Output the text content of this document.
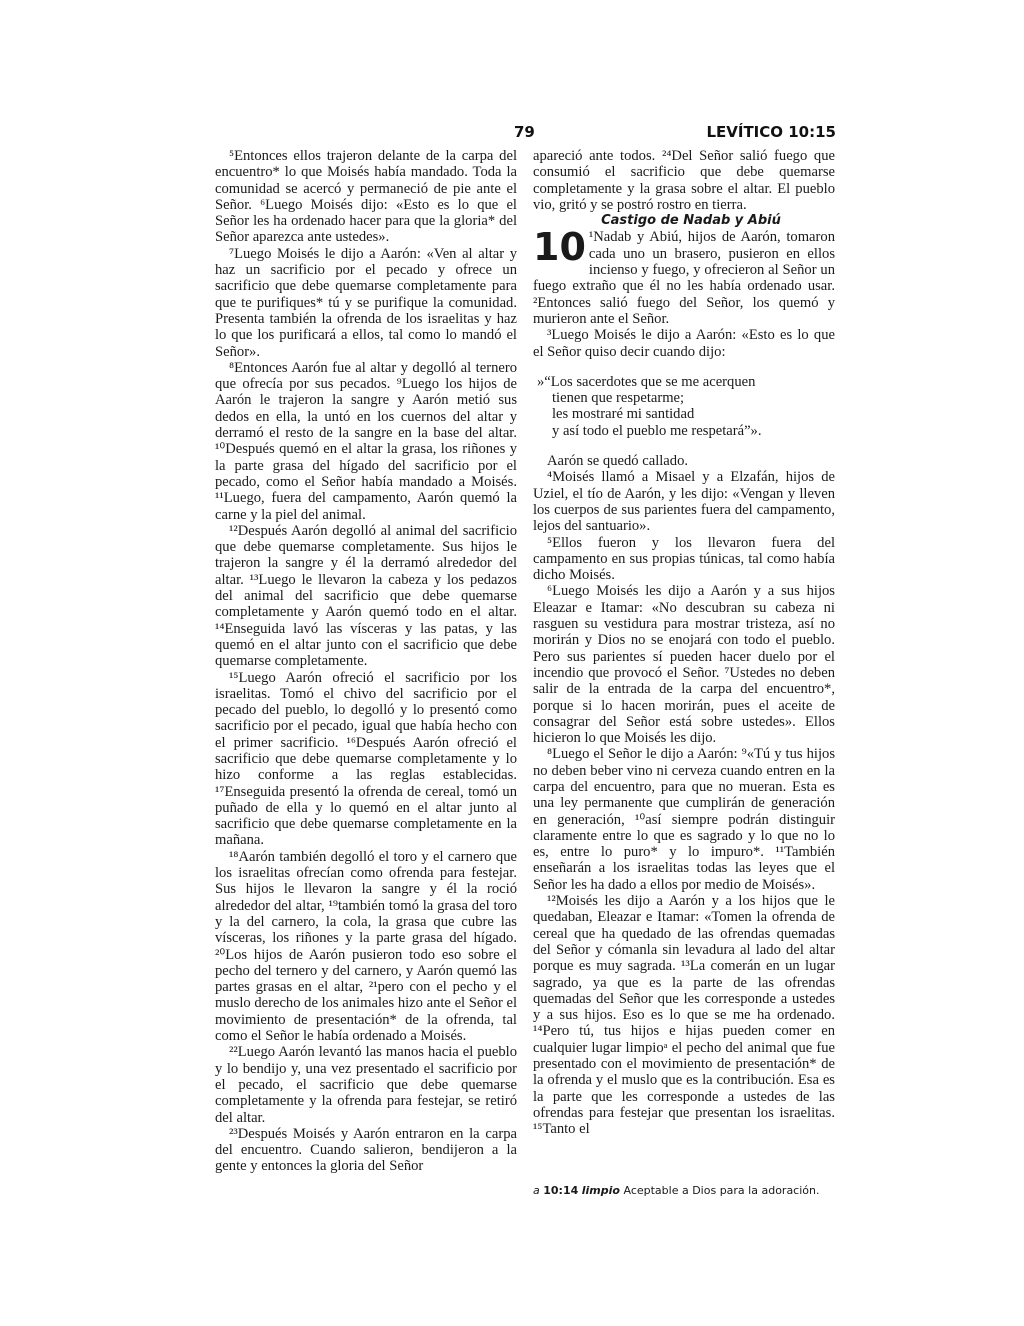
79	LEVÍTICO 10:15

⁵Entonces ellos trajeron delante de la carpa del encuentro* lo que Moisés había mandado. Toda la comunidad se acercó y permaneció de pie ante el Señor. ⁶Luego Moisés dijo: «Esto es lo que el Señor les ha ordenado hacer para que la gloria* del Señor aparezca ante ustedes».

⁷Luego Moisés le dijo a Aarón: «Ven al altar y haz un sacrificio por el pecado y ofrece un sacrificio que debe quemarse completamente para que te purifiques* tú y se purifique la comunidad. Presenta también la ofrenda de los israelitas y haz lo que los purificará a ellos, tal como lo mandó el Señor».

⁸Entonces Aarón fue al altar y degolló al ternero que ofrecía por sus pecados. ⁹Luego los hijos de Aarón le trajeron la sangre y Aarón metió sus dedos en ella, la untó en los cuernos del altar y derramó el resto de la sangre en la base del altar. ¹⁰Después quemó en el altar la grasa, los riñones y la parte grasa del hígado del sacrificio por el pecado, como el Señor había mandado a Moisés. ¹¹Luego, fuera del campamento, Aarón quemó la carne y la piel del animal.

¹²Después Aarón degolló al animal del sacrificio que debe quemarse completamente. Sus hijos le trajeron la sangre y él la derramó alrededor del altar. ¹³Luego le llevaron la cabeza y los pedazos del animal del sacrificio que debe quemarse completamente y Aarón quemó todo en el altar. ¹⁴Enseguida lavó las vísceras y las patas, y las quemó en el altar junto con el sacrificio que debe quemarse completamente.

¹⁵Luego Aarón ofreció el sacrificio por los israelitas. Tomó el chivo del sacrificio por el pecado del pueblo, lo degolló y lo presentó como sacrificio por el pecado, igual que había hecho con el primer sacrificio. ¹⁶Después Aarón ofreció el sacrificio que debe quemarse completamente y lo hizo conforme a las reglas establecidas. ¹⁷Enseguida presentó la ofrenda de cereal, tomó un puñado de ella y lo quemó en el altar junto al sacrificio que debe quemarse completamente en la mañana.

¹⁸Aarón también degolló el toro y el carnero que los israelitas ofrecían como ofrenda para festejar. Sus hijos le llevaron la sangre y él la roció alrededor del altar, ¹⁹también tomó la grasa del toro y la del carnero, la cola, la grasa que cubre las vísceras, los riñones y la parte grasa del hígado. ²⁰Los hijos de Aarón pusieron todo eso sobre el pecho del ternero y del carnero, y Aarón quemó las partes grasas en el altar, ²¹pero con el pecho y el muslo derecho de los animales hizo ante el Señor el movimiento de presentación* de la ofrenda, tal como el Señor le había ordenado a Moisés.

²²Luego Aarón levantó las manos hacia el pueblo y lo bendijo y, una vez presentado el sacrificio por el pecado, el sacrificio que debe quemarse completamente y la ofrenda para festejar, se retiró del altar.

²³Después Moisés y Aarón entraron en la carpa del encuentro. Cuando salieron, bendijeron a la gente y entonces la gloria del Señor

apareció ante todos. ²⁴Del Señor salió fuego que consumió el sacrificio que debe quemarse completamente y la grasa sobre el altar. El pueblo vio, gritó y se postró rostro en tierra.

Castigo de Nadab y Abiú

10 ¹Nadab y Abiú, hijos de Aarón, tomaron cada uno un brasero, pusieron en ellos incienso y fuego, y ofrecieron al Señor un fuego extraño que él no les había ordenado usar. ²Entonces salió fuego del Señor, los quemó y murieron ante el Señor.

³Luego Moisés le dijo a Aarón: «Esto es lo que el Señor quiso decir cuando dijo:

»“Los sacerdotes que se me acerquen

tienen que respetarme;

les mostraré mi santidad

y así todo el pueblo me respetará”».

Aarón se quedó callado.

⁴Moisés llamó a Misael y a Elzafán, hijos de Uziel, el tío de Aarón, y les dijo: «Vengan y lleven los cuerpos de sus parientes fuera del campamento, lejos del santuario».

⁵Ellos fueron y los llevaron fuera del campamento en sus propias túnicas, tal como había dicho Moisés.

⁶Luego Moisés les dijo a Aarón y a sus hijos Eleazar e Itamar: «No descubran su cabeza ni rasguen su vestidura para mostrar tristeza, así no morirán y Dios no se enojará con todo el pueblo. Pero sus parientes sí pueden hacer duelo por el incendio que provocó el Señor. ⁷Ustedes no deben salir de la entrada de la carpa del encuentro*, porque si lo hacen morirán, pues el aceite de consagrar del Señor está sobre ustedes». Ellos hicieron lo que Moisés les dijo.

⁸Luego el Señor le dijo a Aarón: ⁹«Tú y tus hijos no deben beber vino ni cerveza cuando entren en la carpa del encuentro, para que no mueran. Esta es una ley permanente que cumplirán de generación en generación, ¹⁰así siempre podrán distinguir claramente entre lo que es sagrado y lo que no lo es, entre lo puro* y lo impuro*. ¹¹También enseñarán a los israelitas todas las leyes que el Señor les ha dado a ellos por medio de Moisés».

¹²Moisés les dijo a Aarón y a los hijos que le quedaban, Eleazar e Itamar: «Tomen la ofrenda de cereal que ha quedado de las ofrendas quemadas del Señor y cómanla sin levadura al lado del altar porque es muy sagrada. ¹³La comerán en un lugar sagrado, ya que es la parte de las ofrendas quemadas del Señor que les corresponde a ustedes y a sus hijos. Eso es lo que se me ha ordenado. ¹⁴Pero tú, tus hijos e hijas pueden comer en cualquier lugar limpioᵃ el pecho del animal que fue presentado con el movimiento de presentación* de la ofrenda y el muslo que es la contribución. Esa es la parte que les corresponde a ustedes de las ofrendas para festejar que presentan los israelitas. ¹⁵Tanto el

a 10:14 limpio Aceptable a Dios para la adoración.
